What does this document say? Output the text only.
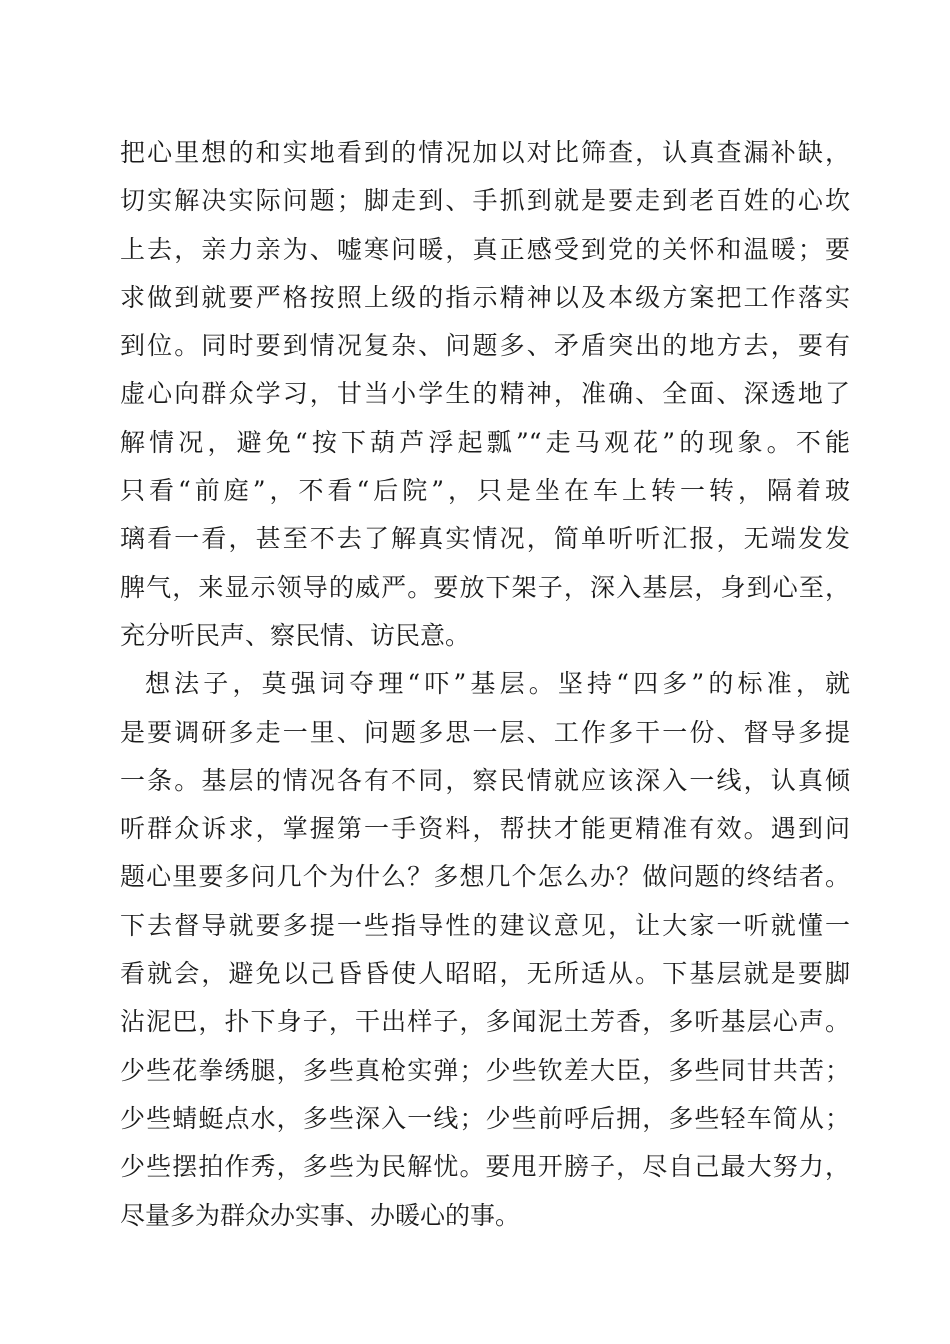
把心里想的和实地看到的情况加以对比筛查，认真查漏补缺，
切实解决实际问题；脚走到、手抓到就是要走到老百姓的心坎
上去，亲力亲为、嘘寒问暖，真正感受到党的关怀和温暖；要
求做到就要严格按照上级的指示精神以及本级方案把工作落实
到位。同时要到情况复杂、问题多、矛盾突出的地方去，要有
虚心向群众学习，甘当小学生的精神，准确、全面、深透地了
解情况，避免“按下葫芦浮起瓢”“走马观花”的现象。不能
只看“前庭”，不看“后院”，只是坐在车上转一转，隔着玻
璃看一看，甚至不去了解真实情况，简单听听汇报，无端发发
脾气，来显示领导的威严。要放下架子，深入基层，身到心至，
充分听民声、察民情、访民意。
想法子，莫强词夺理“吓”基层。坚持“四多”的标准，就
是要调研多走一里、问题多思一层、工作多干一份、督导多提
一条。基层的情况各有不同，察民情就应该深入一线，认真倾
听群众诉求，掌握第一手资料，帮扶才能更精准有效。遇到问
题心里要多问几个为什么？多想几个怎么办？做问题的终结者。
下去督导就要多提一些指导性的建议意见，让大家一听就懂一
看就会，避免以己昏昏使人昭昭，无所适从。下基层就是要脚
沾泥巴，扑下身子，干出样子，多闻泥土芳香，多听基层心声。
少些花拳绣腿，多些真枪实弹；少些钦差大臣，多些同甘共苦；
少些蜻蜓点水，多些深入一线；少些前呼后拥，多些轻车简从；
少些摆拍作秀，多些为民解忧。要甩开膀子，尽自己最大努力，
尽量多为群众办实事、办暖心的事。
